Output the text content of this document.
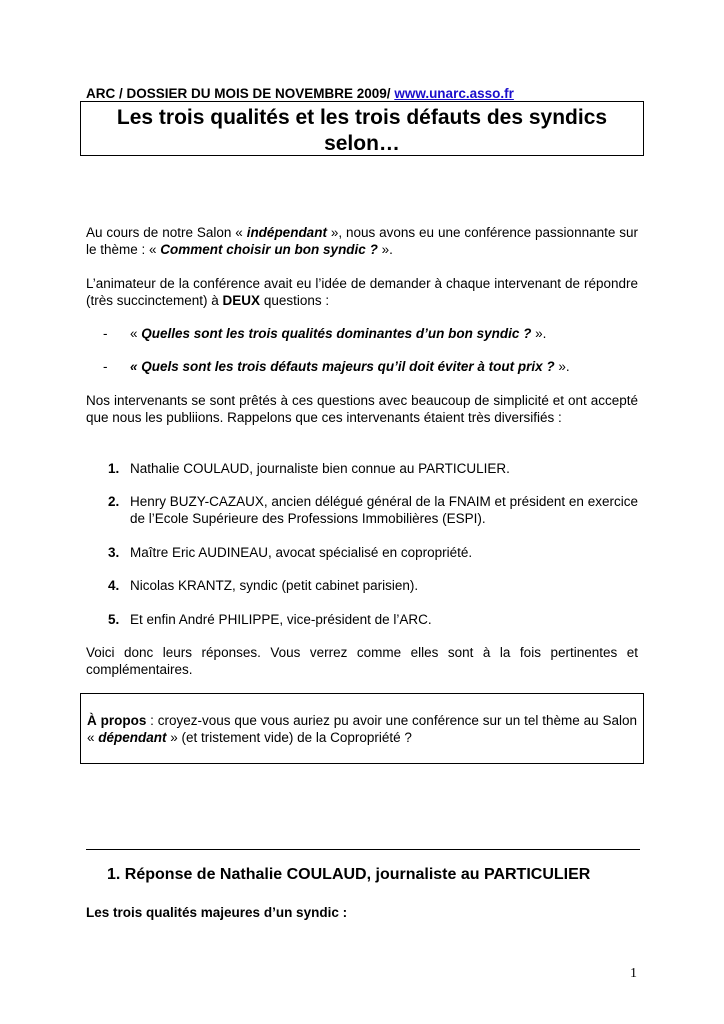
ARC / DOSSIER DU MOIS DE NOVEMBRE 2009/ www.unarc.asso.fr
Les trois qualités et les trois défauts des syndics
selon…
Au cours de notre Salon « indépendant », nous avons eu une conférence passionnante sur le thème : « Comment choisir un bon syndic ? ».
L’animateur de la conférence avait eu l’idée de demander à chaque intervenant de répondre (très succinctement) à DEUX questions :
- « Quelles sont les trois qualités dominantes d’un bon syndic ? ».
- « Quels sont les trois défauts majeurs qu’il doit éviter à tout prix ? ».
Nos intervenants se sont prêtés à ces questions avec beaucoup de simplicité et ont accepté que nous les publiions. Rappelons que ces intervenants étaient très diversifiés :
1. Nathalie COULAUD, journaliste bien connue au PARTICULIER.
2. Henry BUZY-CAZAUX, ancien délégué général de la FNAIM et président en exercice de l’Ecole Supérieure des Professions Immobilières (ESPI).
3. Maître Eric AUDINEAU, avocat spécialisé en copropriété.
4. Nicolas KRANTZ, syndic (petit cabinet parisien).
5. Et enfin André PHILIPPE, vice-président de l’ARC.
Voici donc leurs réponses. Vous verrez comme elles sont à la fois pertinentes et complémentaires.
À propos : croyez-vous que vous auriez pu avoir une conférence sur un tel thème au Salon « dépendant » (et tristement vide) de la Copropriété ?
1. Réponse de Nathalie COULAUD, journaliste au PARTICULIER
Les trois qualités majeures d’un syndic :
1
